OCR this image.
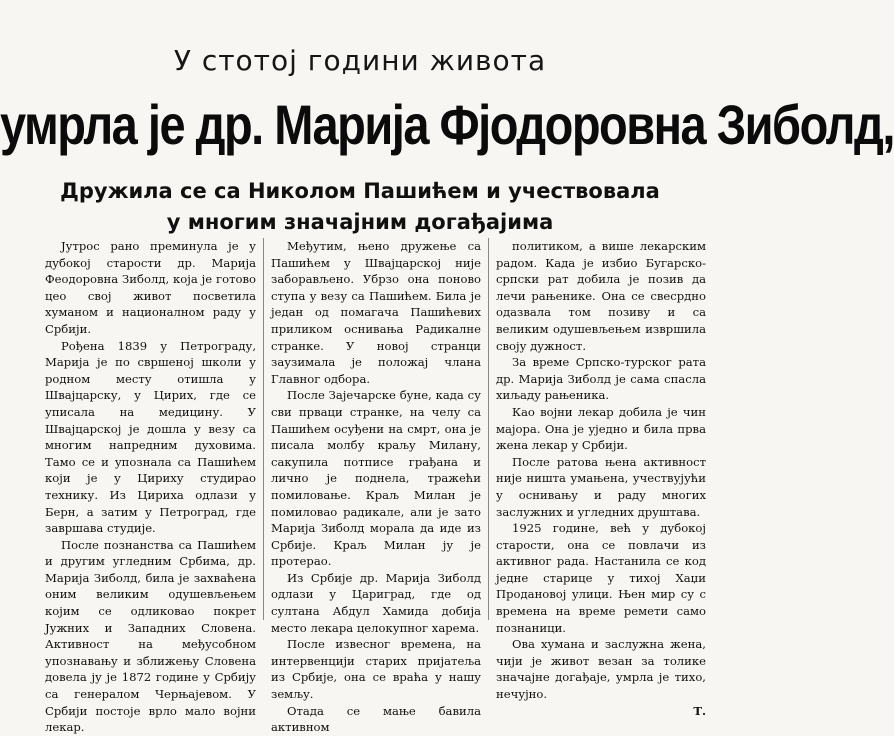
У стотој години живота
умрла је др. Марија Фјодоровна Зиболд,
Дружила се са Николом Пашићем и учествовала
у многим значајним догађајима

Јутрос рано преминула је у дубокој старости др. Марија Феодоровна Зиболд, која је готово цео свој живот посветила хуманом и националном раду у Србији.

Рођена 1839 у Петрограду, Марија је по свршеној школи у родном месту отишла у Швајцарску, у Цирих, где се уписала на медицину. У Швајцарској је дошла у везу са многим напредним духовима. Тамо се и упознала са Пашићем који је у Цириху студирао технику. Из Цириха одлази у Берн, а затим у Петроград, где завршава студије.

После познанства са Пашићем и другим угледним Србима, др. Марија Зиболд, била је захваћена оним великим одушевљењем којим се одликовао покрет Јужних и Западних Словена. Активност на међусобном упознавању и зближењу Словена довела ју је 1872 године у Србију са генералом Черњајевом. У Србији постоје врло мало војни лекар.

Међутим, њено дружење са Пашићем у Швајцарској није заборављено. Убрзо она поново ступа у везу са Пашићем. Била је један од помагача Пашићевих приликом оснивања Радикалне странке. У новој странци заузимала је положај члана Главног одбора.

После Зајечарске буне, када су сви прваци странке, на челу са Пашићем осуђени на смрт, она је писала молбу краљу Милану, сакупила потписе грађана и лично је поднела, тражећи помиловање. Краљ Милан је помиловао радикале, али је зато Марија Зиболд морала да иде из Србије. Краљ Милан ју је протерао.

Из Србије др. Марија Зиболд одлази у Цариград, где од султана Абдул Хамида добија место лекара целокупног харема.

После извесног времена, на интервенцији старих пријатеља из Србије, она се враћа у нашу земљу.

Отада се мање бавила активном

политиком, а више лекарским радом. Када је избио Бугарско-српски рат добила је позив да лечи рањенике. Она се свесрдно одазвала том позиву и са великим одушевљењем извршила своју дужност.

За време Српско-турског рата др. Марија Зиболд је сама спасла хиљаду рањеника.

Као војни лекар добила је чин мајора. Она је уједно и била прва жена лекар у Србији.

После ратова њена активност није ништа умањена, учествујући у оснивању и раду многих заслужних и угледних друштава.

1925 године, већ у дубокој старости, она се повлачи из активног рада. Настанила се код једне старице у тихој Хаџи Продановој улици. Њен мир су с времена на време ремети само познаници.

Ова хумана и заслужна жена, чији је живот везан за толике значајне догађаје, умрла је тихо, нечујно.

Т.
